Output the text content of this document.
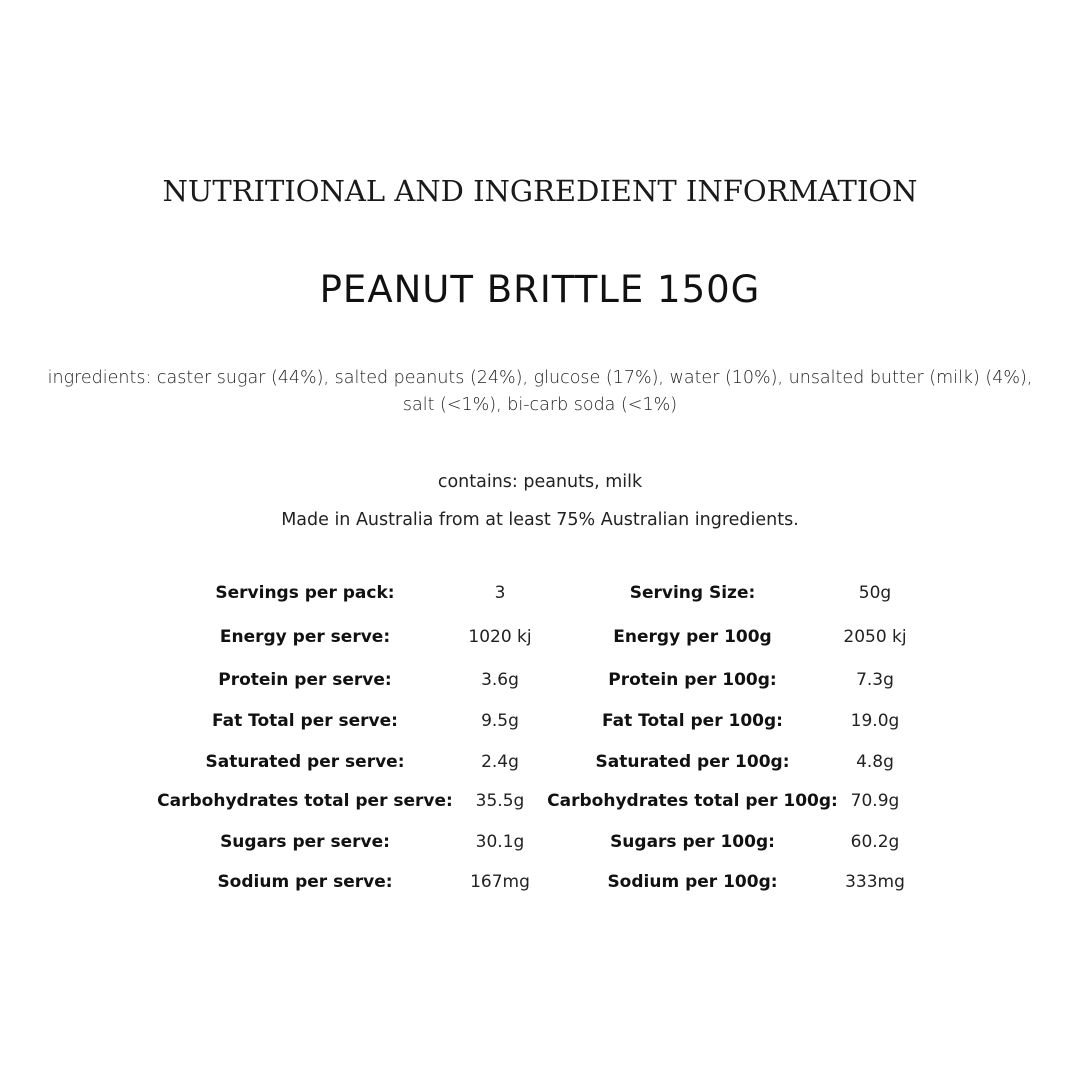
NUTRITIONAL AND INGREDIENT INFORMATION
PEANUT BRITTLE 150G
ingredients: caster sugar (44%), salted peanuts (24%), glucose (17%), water (10%), unsalted butter (milk) (4%),
salt (<1%), bi-carb soda (<1%)
contains: peanuts, milk
Made in Australia from at least 75% Australian ingredients.
Servings per pack:	3	Serving Size:	50g
Energy per serve:	1020 kj	Energy per 100g	2050 kj
Protein per serve:	3.6g	Protein per 100g:	7.3g
Fat Total per serve:	9.5g	Fat Total per 100g:	19.0g
Saturated per serve:	2.4g	Saturated per 100g:	4.8g
Carbohydrates total per serve:	35.5g	Carbohydrates total per 100g: 70.9g
Sugars per serve:	30.1g	Sugars per 100g:	60.2g
Sodium per serve:	167mg	Sodium per 100g:	333mg
